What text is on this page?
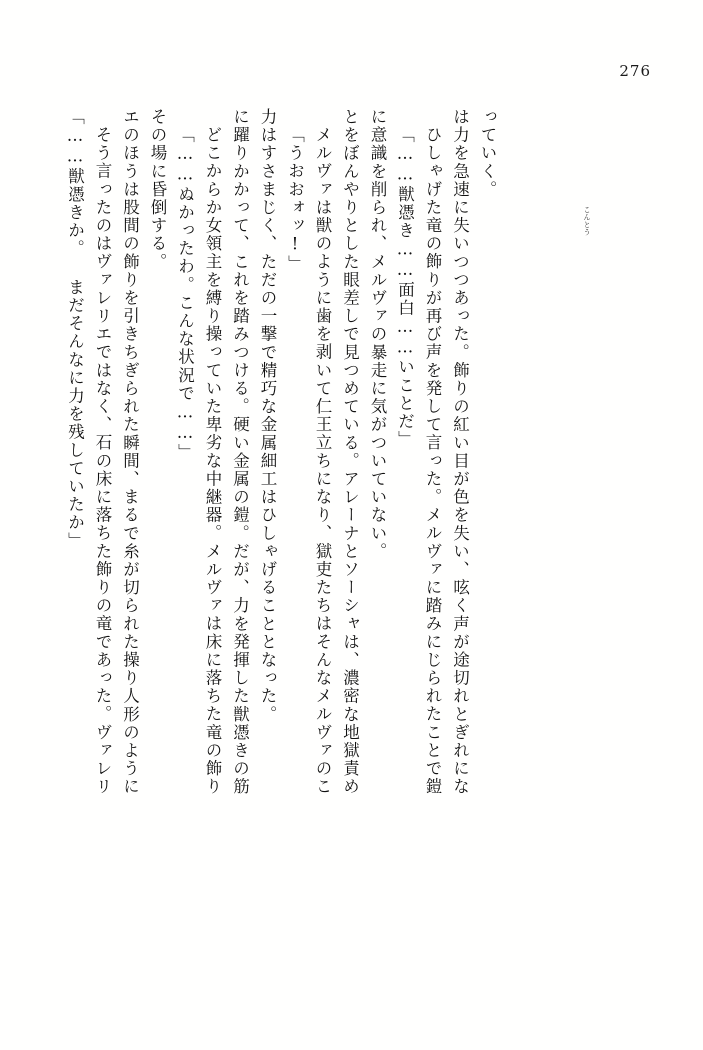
276
「……獣憑きか。 まだそんなに力を残していたか」 そう言ったのはヴァレリエではなく、石の床に落ちた飾りの竜であった。ヴァレリ エのほうは股間の飾りを引きちぎられた瞬間、まるで糸が切られた操り人形のように その場に昏倒する。 「……ぬかったわ。こんな状況で……」 どこからか女領主を縛り操っていた卑劣な中継器。メルヴァは床に落ちた竜の飾り に躍りかかって、これを踏みつける。硬い金属の鎧。だが、力を発揮した獣憑きの筋 力はすさまじく、ただの一撃で精巧な金属細工はひしゃげることとなった。 「うおおォッ!」 メルヴァは獣のように歯を剥いて仁王立ちになり、獄吏たちはそんなメルヴァのこ とをぼんやりとした眼差しで見つめている。アレーナとソーシャは、濃密な地獄責め に意識を削られ、メルヴァの暴走に気がついていない。 「……獣憑き……面白……いことだ」 ひしゃげた竜の飾りが再び声を発して言った。メルヴァに踏みにじられたことで鎧 は力を急速に失いつつあった。飾りの紅い目が色を失い、呟く声が途切れとぎれにな っていく。
こんとう
